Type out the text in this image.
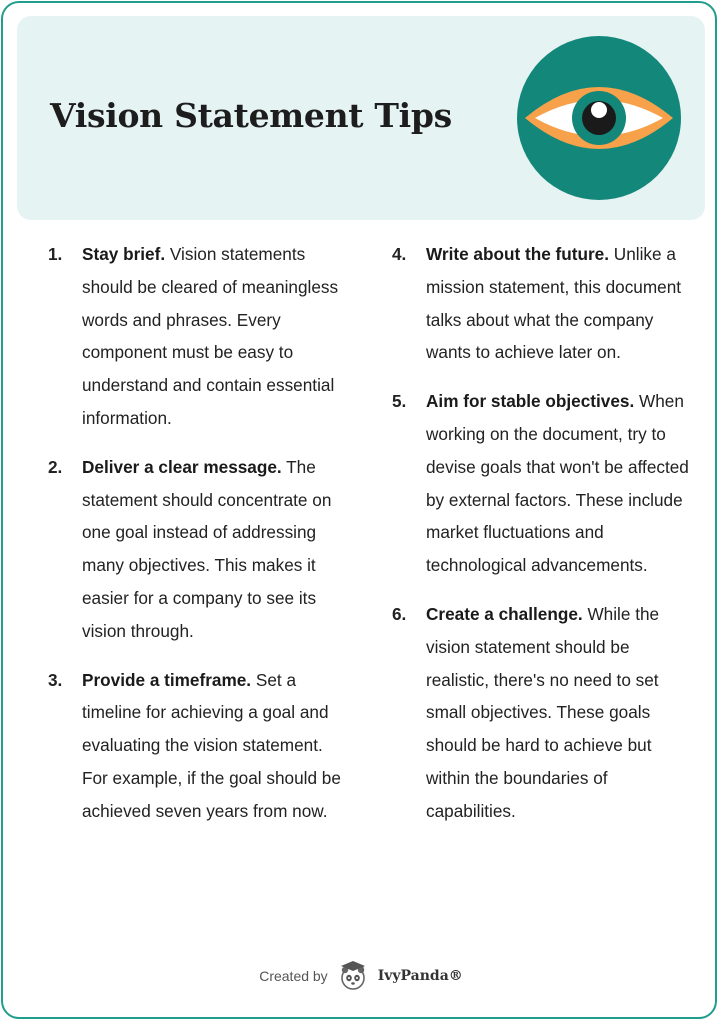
Vision Statement Tips
1. Stay brief. Vision statements should be cleared of meaningless words and phrases. Every component must be easy to understand and contain essential information.
2. Deliver a clear message. The statement should concentrate on one goal instead of addressing many objectives. This makes it easier for a company to see its vision through.
3. Provide a timeframe. Set a timeline for achieving a goal and evaluating the vision statement. For example, if the goal should be achieved seven years from now.
4. Write about the future. Unlike a mission statement, this document talks about what the company wants to achieve later on.
5. Aim for stable objectives. When working on the document, try to devise goals that won't be affected by external factors. These include market fluctuations and technological advancements.
6. Create a challenge. While the vision statement should be realistic, there's no need to set small objectives. These goals should be hard to achieve but within the boundaries of capabilities.
Created by	IvyPanda®
